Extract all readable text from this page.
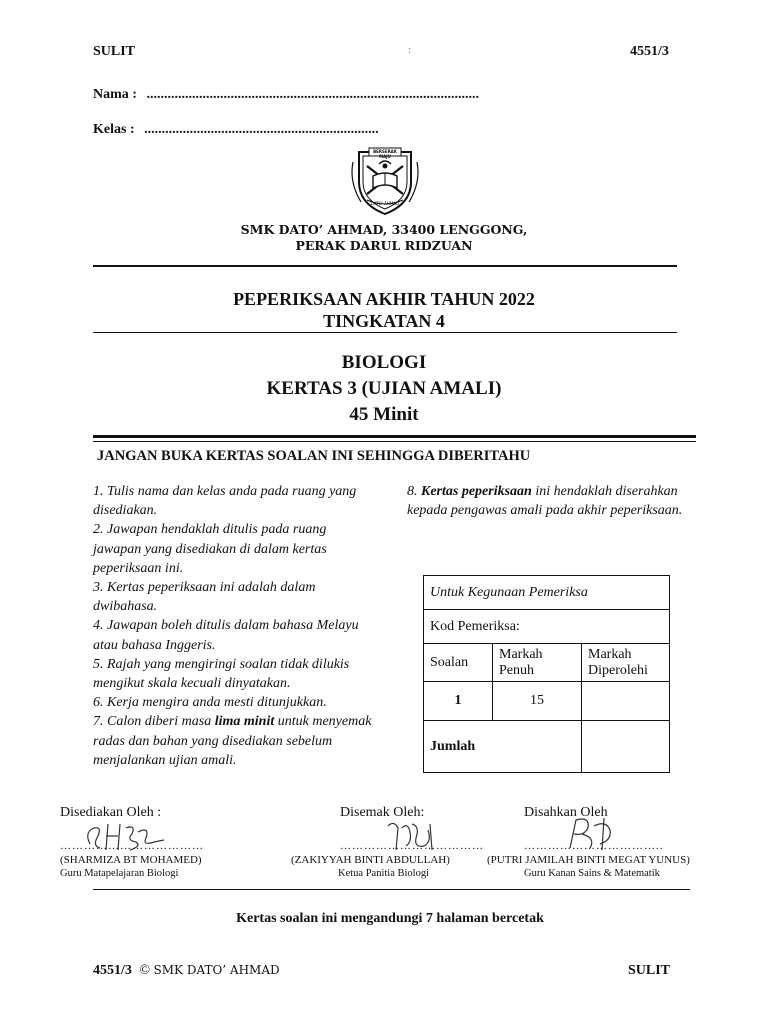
SULIT	:	4551/3
Nama : ...............................................................................................
Kelas : ...................................................................
BERSERAK MAJU
DATO' AHMAD
SMK DATO’ AHMAD, 33400 LENGGONG,
PERAK DARUL RIDZUAN
PEPERIKSAAN AKHIR TAHUN 2022
TINGKATAN 4
BIOLOGI
KERTAS 3 (UJIAN AMALI)
45 Minit
JANGAN BUKA KERTAS SOALAN INI SEHINGGA DIBERITAHU

1. Tulis nama dan kelas anda pada ruang yang disediakan.

2. Jawapan hendaklah ditulis pada ruang jawapan yang disediakan di dalam kertas peperiksaan ini.

3. Kertas peperiksaan ini adalah dalam dwibahasa.

4. Jawapan boleh ditulis dalam bahasa Melayu atau bahasa Inggeris.

5. Rajah yang mengiringi soalan tidak dilukis mengikut skala kecuali dinyatakan.

6. Kerja mengira anda mesti ditunjukkan.

7. Calon diberi masa lima minit untuk menyemak radas dan bahan yang disediakan sebelum menjalankan ujian amali.

8. Kertas peperiksaan ini hendaklah diserahkan kepada pengawas amali pada akhir peperiksaan.

Untuk Kegunaan Pemeriksa		
Kod Pemeriksa:		
Soalan	Markah Penuh	Markah Diperolehi
1	15	
Jumlah		
Disediakan Oleh :	Disemak Oleh:	Disahkan Oleh
………………………………	………………………………	……………………………..
(SHARMIZA BT MOHAMED)	(ZAKIYYAH BINTI ABDULLAH)	(PUTRI JAMILAH BINTI MEGAT YUNUS)
Guru Matapelajaran Biologi	Ketua Panitia Biologi	Guru Kanan Sains & Matematik
Kertas soalan ini mengandungi 7 halaman bercetak
4551/3 © SMK DATO’ AHMAD	SULIT
